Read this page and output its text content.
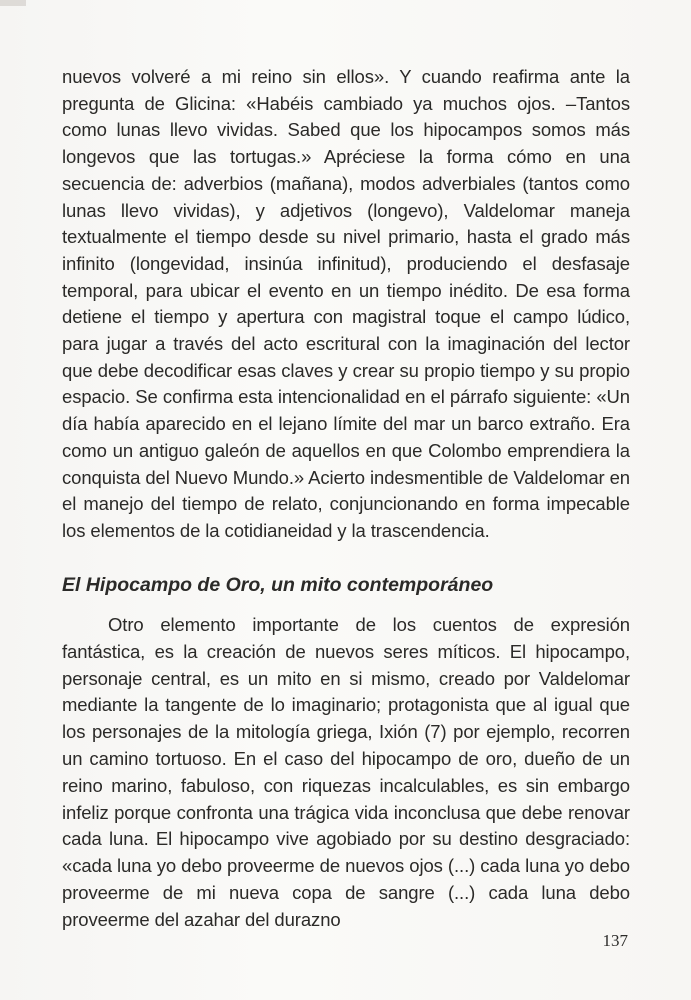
nuevos volveré a mi reino sin ellos». Y cuando reafirma ante la pregunta de Glicina: «Habéis cambiado ya muchos ojos. –Tantos como lunas llevo vividas. Sabed que los hipocampos somos más longevos que las tortugas.» Apréciese la forma cómo en una secuencia de: adverbios (mañana), modos adverbiales (tantos como lunas llevo vividas), y adjetivos (longevo), Valdelomar maneja textualmente el tiempo desde su nivel primario, hasta el grado más infinito (longevidad, insinúa infinitud), produciendo el desfasaje temporal, para ubicar el evento en un tiempo inédito. De esa forma detiene el tiempo y apertura con magistral toque el campo lúdico, para jugar a través del acto escritural con la imaginación del lector que debe decodificar esas claves y crear su propio tiempo y su propio espacio. Se confirma esta intencionalidad en el párrafo siguiente: «Un día había aparecido en el lejano límite del mar un barco extraño. Era como un antiguo galeón de aquellos en que Colombo emprendiera la conquista del Nuevo Mundo.» Acierto indesmentible de Valdelomar en el manejo del tiempo de relato, conjuncionando en forma impecable los elementos de la cotidianeidad y la trascendencia.

El Hipocampo de Oro, un mito contemporáneo

Otro elemento importante de los cuentos de expresión fantástica, es la creación de nuevos seres míticos. El hipocampo, personaje central, es un mito en si mismo, creado por Valdelomar mediante la tangente de lo imaginario; protagonista que al igual que los personajes de la mitología griega, Ixión (7) por ejemplo, recorren un camino tortuoso. En el caso del hipocampo de oro, dueño de un reino marino, fabuloso, con riquezas incalculables, es sin embargo infeliz porque confronta una trágica vida inconclusa que debe renovar cada luna. El hipocampo vive agobiado por su destino desgraciado: «cada luna yo debo proveerme de nuevos ojos (...) cada luna yo debo proveerme de mi nueva copa de sangre (...) cada luna debo proveerme del azahar del durazno

137
